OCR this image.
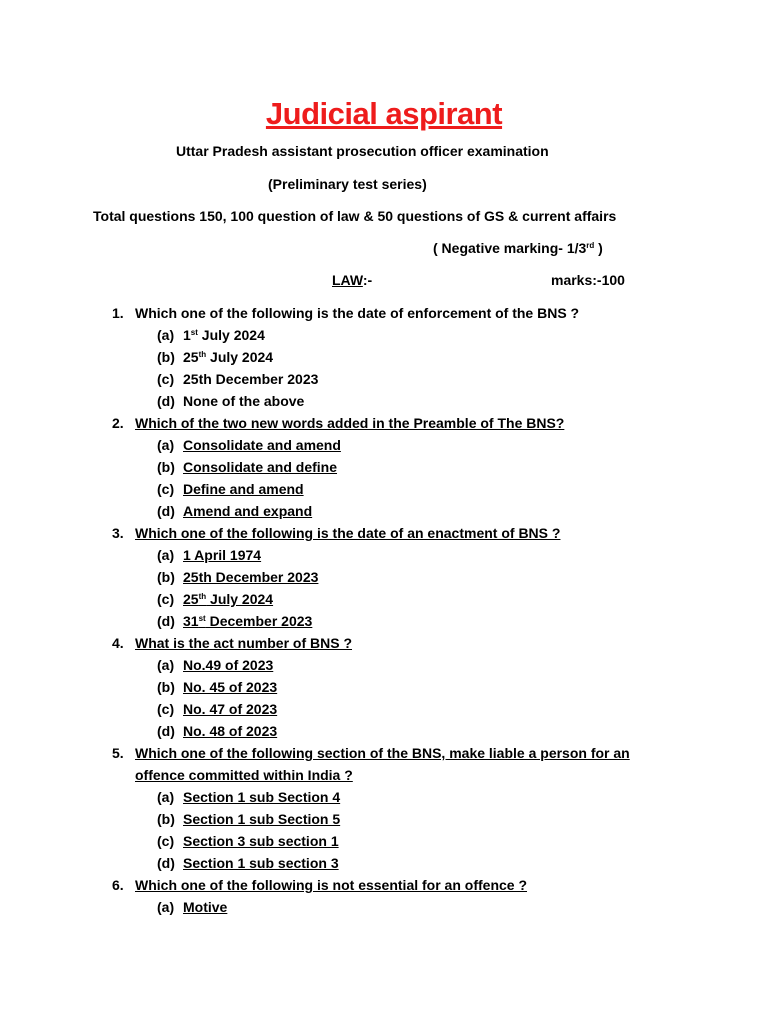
Judicial aspirant
Uttar Pradesh assistant prosecution officer examination
(Preliminary test series)
Total questions 150, 100 question of law & 50 questions of GS & current affairs
( Negative marking- 1/3rd )
LAW:-	marks:-100
1. Which one of the following is the date of enforcement of the BNS ?
(a) 1st July 2024
(b) 25th July 2024
(c) 25th December 2023
(d) None of the above
2. Which of the two new words added in the Preamble of The BNS?
(a) Consolidate and amend
(b) Consolidate and define
(c) Define and amend
(d) Amend and expand
3. Which one of the following is the date of an enactment of BNS ?
(a) 1 April 1974
(b) 25th December 2023
(c) 25th July 2024
(d) 31st December 2023
4. What is the act number of BNS ?
(a) No.49 of 2023
(b) No. 45 of 2023
(c) No. 47 of 2023
(d) No. 48 of 2023
5. Which one of the following section of the BNS, make liable a person for an
offence committed within India ?
(a) Section 1 sub Section 4
(b) Section 1 sub Section 5
(c) Section 3 sub section 1
(d) Section 1 sub section 3
6. Which one of the following is not essential for an offence ?
(a) Motive
